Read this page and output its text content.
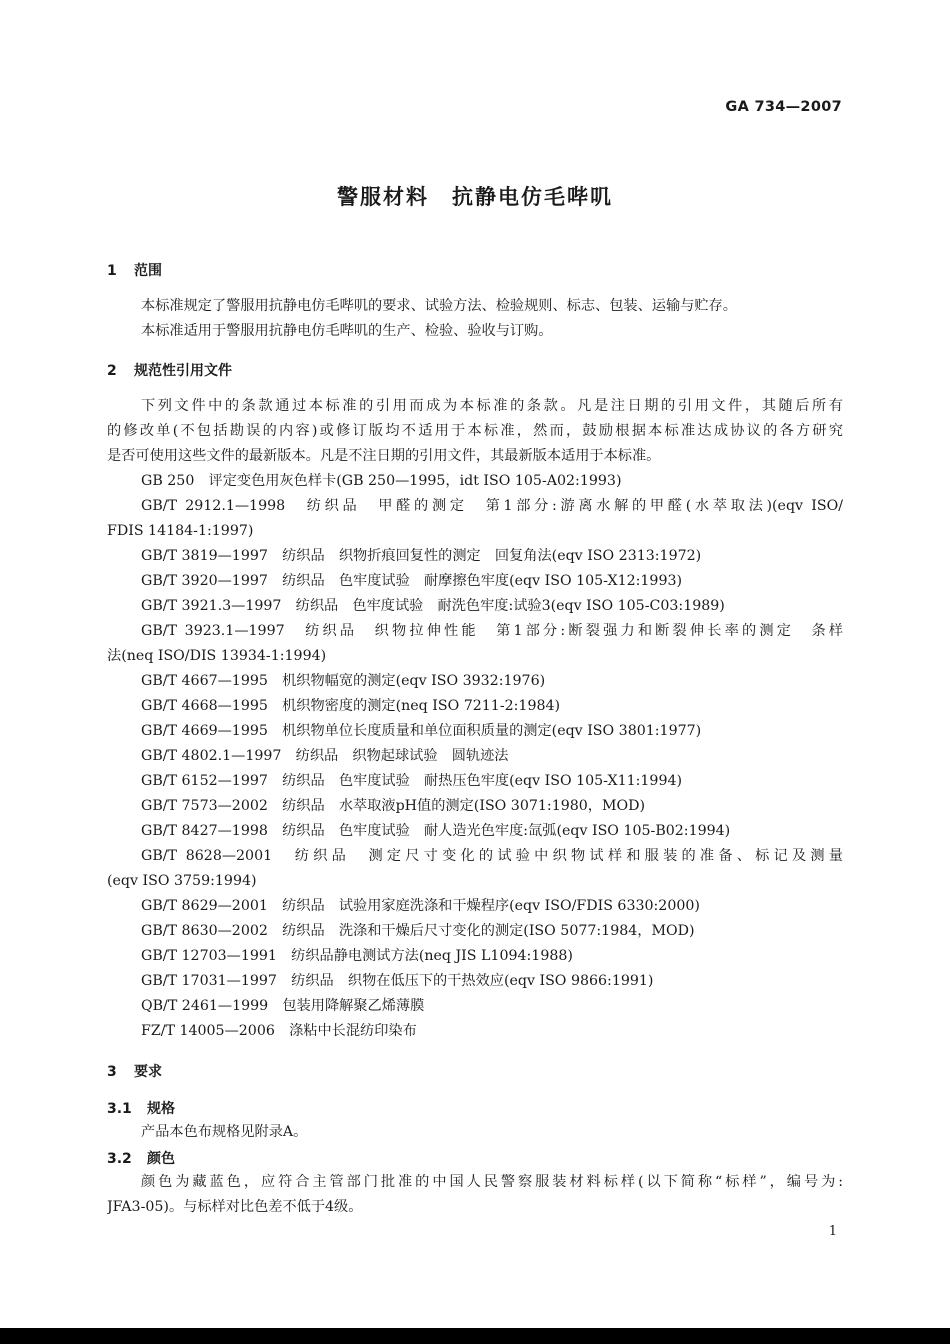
GA 734—2007
警服材料　抗静电仿毛哔叽
1 范围
本标准规定了警服用抗静电仿毛哔叽的要求、试验方法、检验规则、标志、包装、运输与贮存。
本标准适用于警服用抗静电仿毛哔叽的生产、检验、验收与订购。
2 规范性引用文件
下列文件中的条款通过本标准的引用而成为本标准的条款。凡是注日期的引用文件，其随后所有
的修改单(不包括勘误的内容)或修订版均不适用于本标准，然而，鼓励根据本标准达成协议的各方研究
是否可使用这些文件的最新版本。凡是不注日期的引用文件，其最新版本适用于本标准。
GB 250　评定变色用灰色样卡(GB 250—1995，idt ISO 105-A02:1993)
GB/T 2912.1—1998　纺织品　甲醛的测定　第1部分:游离水解的甲醛(水萃取法)(eqv ISO/
FDIS 14184-1:1997)
GB/T 3819—1997　纺织品　织物折痕回复性的测定　回复角法(eqv ISO 2313:1972)
GB/T 3920—1997　纺织品　色牢度试验　耐摩擦色牢度(eqv ISO 105-X12:1993)
GB/T 3921.3—1997　纺织品　色牢度试验　耐洗色牢度:试验3(eqv ISO 105-C03:1989)
GB/T 3923.1—1997　纺织品　织物拉伸性能　第1部分:断裂强力和断裂伸长率的测定　条样
法(neq ISO/DIS 13934-1:1994)
GB/T 4667—1995　机织物幅宽的测定(eqv ISO 3932:1976)
GB/T 4668—1995　机织物密度的测定(neq ISO 7211-2:1984)
GB/T 4669—1995　机织物单位长度质量和单位面积质量的测定(eqv ISO 3801:1977)
GB/T 4802.1—1997　纺织品　织物起球试验　圆轨迹法
GB/T 6152—1997　纺织品　色牢度试验　耐热压色牢度(eqv ISO 105-X11:1994)
GB/T 7573—2002　纺织品　水萃取液pH值的测定(ISO 3071:1980，MOD)
GB/T 8427—1998　纺织品　色牢度试验　耐人造光色牢度:氙弧(eqv ISO 105-B02:1994)
GB/T 8628—2001　纺织品　测定尺寸变化的试验中织物试样和服装的准备、标记及测量
(eqv ISO 3759:1994)
GB/T 8629—2001　纺织品　试验用家庭洗涤和干燥程序(eqv ISO/FDIS 6330:2000)
GB/T 8630—2002　纺织品　洗涤和干燥后尺寸变化的测定(ISO 5077:1984，MOD)
GB/T 12703—1991　纺织品静电测试方法(neq JIS L1094:1988)
GB/T 17031—1997　纺织品　织物在低压下的干热效应(eqv ISO 9866:1991)
QB/T 2461—1999　包装用降解聚乙烯薄膜
FZ/T 14005—2006　涤粘中长混纺印染布
3 要求
3.1 规格
产品本色布规格见附录A。
3.2 颜色
颜色为藏蓝色，应符合主管部门批准的中国人民警察服装材料标样(以下简称“标样”，编号为:
JFA3-05)。与标样对比色差不低于4级。
1
